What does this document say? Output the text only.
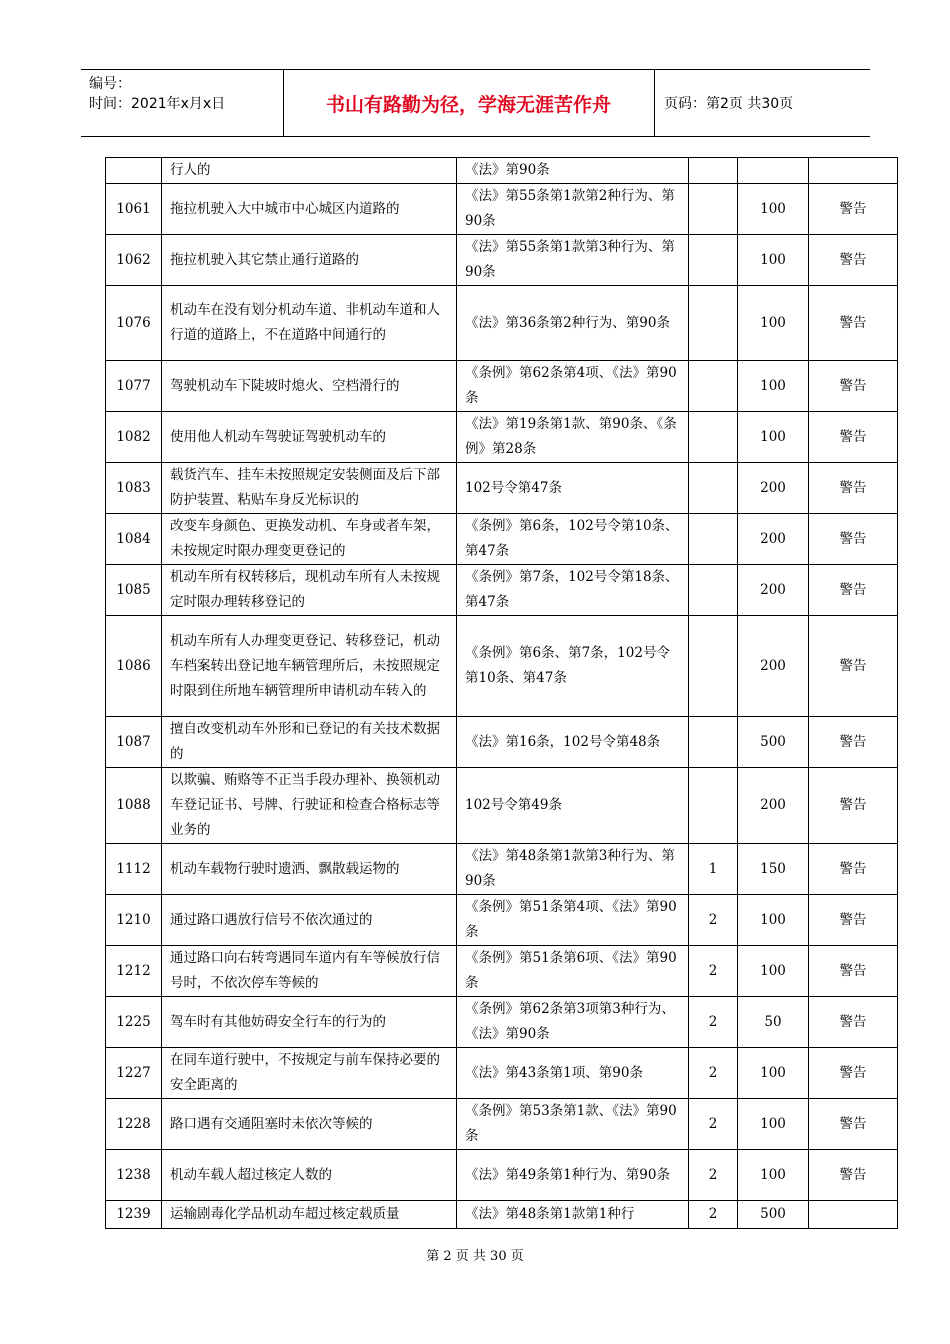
编号：
时间：2021年x月x日	书山有路勤为径，学海无涯苦作舟	页码：第2页 共30页
	行人的	《法》第90条			
1061	拖拉机驶入大中城市中心城区内道路的	《法》第55条第1款第2种行为、第90条		100	警告
1062	拖拉机驶入其它禁止通行道路的	《法》第55条第1款第3种行为、第90条		100	警告
1076	机动车在没有划分机动车道、非机动车道和人行道的道路上，不在道路中间通行的	《法》第36条第2种行为、第90条		100	警告
1077	驾驶机动车下陡坡时熄火、空档滑行的	《条例》第62条第4项、《法》第90条		100	警告
1082	使用他人机动车驾驶证驾驶机动车的	《法》第19条第1款、第90条、《条例》第28条		100	警告
1083	载货汽车、挂车未按照规定安装侧面及后下部防护装置、粘贴车身反光标识的	102号令第47条		200	警告
1084	改变车身颜色、更换发动机、车身或者车架，未按规定时限办理变更登记的	《条例》第6条，102号令第10条、第47条		200	警告
1085	机动车所有权转移后，现机动车所有人未按规定时限办理转移登记的	《条例》第7条，102号令第18条、第47条		200	警告
1086	机动车所有人办理变更登记、转移登记，机动车档案转出登记地车辆管理所后，未按照规定时限到住所地车辆管理所申请机动车转入的	《条例》第6条、第7条，102号令第10条、第47条		200	警告
1087	擅自改变机动车外形和已登记的有关技术数据的	《法》第16条，102号令第48条		500	警告
1088	以欺骗、贿赂等不正当手段办理补、换领机动车登记证书、号牌、行驶证和检查合格标志等业务的	102号令第49条		200	警告
1112	机动车载物行驶时遗洒、飘散载运物的	《法》第48条第1款第3种行为、第90条	1	150	警告
1210	通过路口遇放行信号不依次通过的	《条例》第51条第4项、《法》第90条	2	100	警告
1212	通过路口向右转弯遇同车道内有车等候放行信号时，不依次停车等候的	《条例》第51条第6项、《法》第90条	2	100	警告
1225	驾车时有其他妨碍安全行车的行为的	《条例》第62条第3项第3种行为、《法》第90条	2	50	警告
1227	在同车道行驶中，不按规定与前车保持必要的安全距离的	《法》第43条第1项、第90条	2	100	警告
1228	路口遇有交通阻塞时未依次等候的	《条例》第53条第1款、《法》第90条	2	100	警告
1238	机动车载人超过核定人数的	《法》第49条第1种行为、第90条	2	100	警告
1239	运输剧毒化学品机动车超过核定载质量	《法》第48条第1款第1种行	2	500	
第 2 页 共 30 页
